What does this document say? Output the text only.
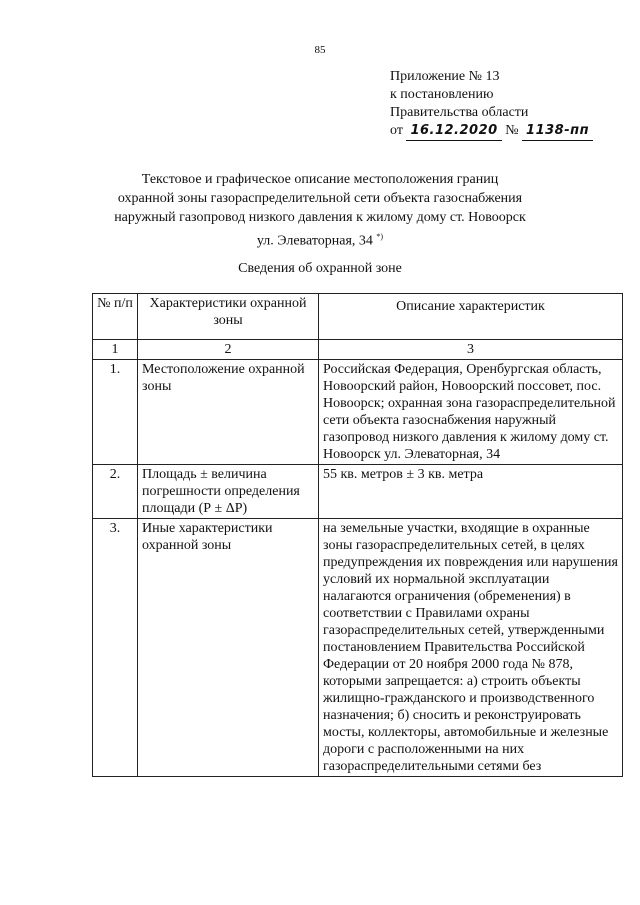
85
Приложение № 13
к постановлению
Правительства области
от 16.12.2020 № 1138-пп
Текстовое и графическое описание местоположения границ
охранной зоны газораспределительной сети объекта газоснабжения
наружный газопровод низкого давления к жилому дому ст. Новоорск
ул. Элеваторная, 34 *)
Сведения об охранной зоне
№ п/п	Характеристики охранной зоны	Описание характеристик
1	2	3
1.	Местоположение охранной зоны	Российская Федерация, Оренбургская область, Новоорский район, Новоорский поссовет, пос. Новоорск; охранная зона газораспределительной сети объекта газоснабжения наружный газопровод низкого давления к жилому дому ст. Новоорск ул. Элеваторная, 34
2.	Площадь ± величина погрешности определения площади (Р ± ΔР)	55 кв. метров ± 3 кв. метра
3.	Иные характеристики охранной зоны	на земельные участки, входящие в охранные зоны газораспределительных сетей, в целях предупреждения их повреждения или нарушения условий их нормальной эксплуатации налагаются ограничения (обременения) в соответствии с Правилами охраны газораспределительных сетей, утвержденными постановлением Правительства Российской Федерации от 20 ноября 2000 года № 878, которыми запрещается: а) строить объекты жилищно-гражданского и производственного назначения; б) сносить и реконструировать мосты, коллекторы, автомобильные и железные дороги с расположенными на них газораспределительными сетями без
